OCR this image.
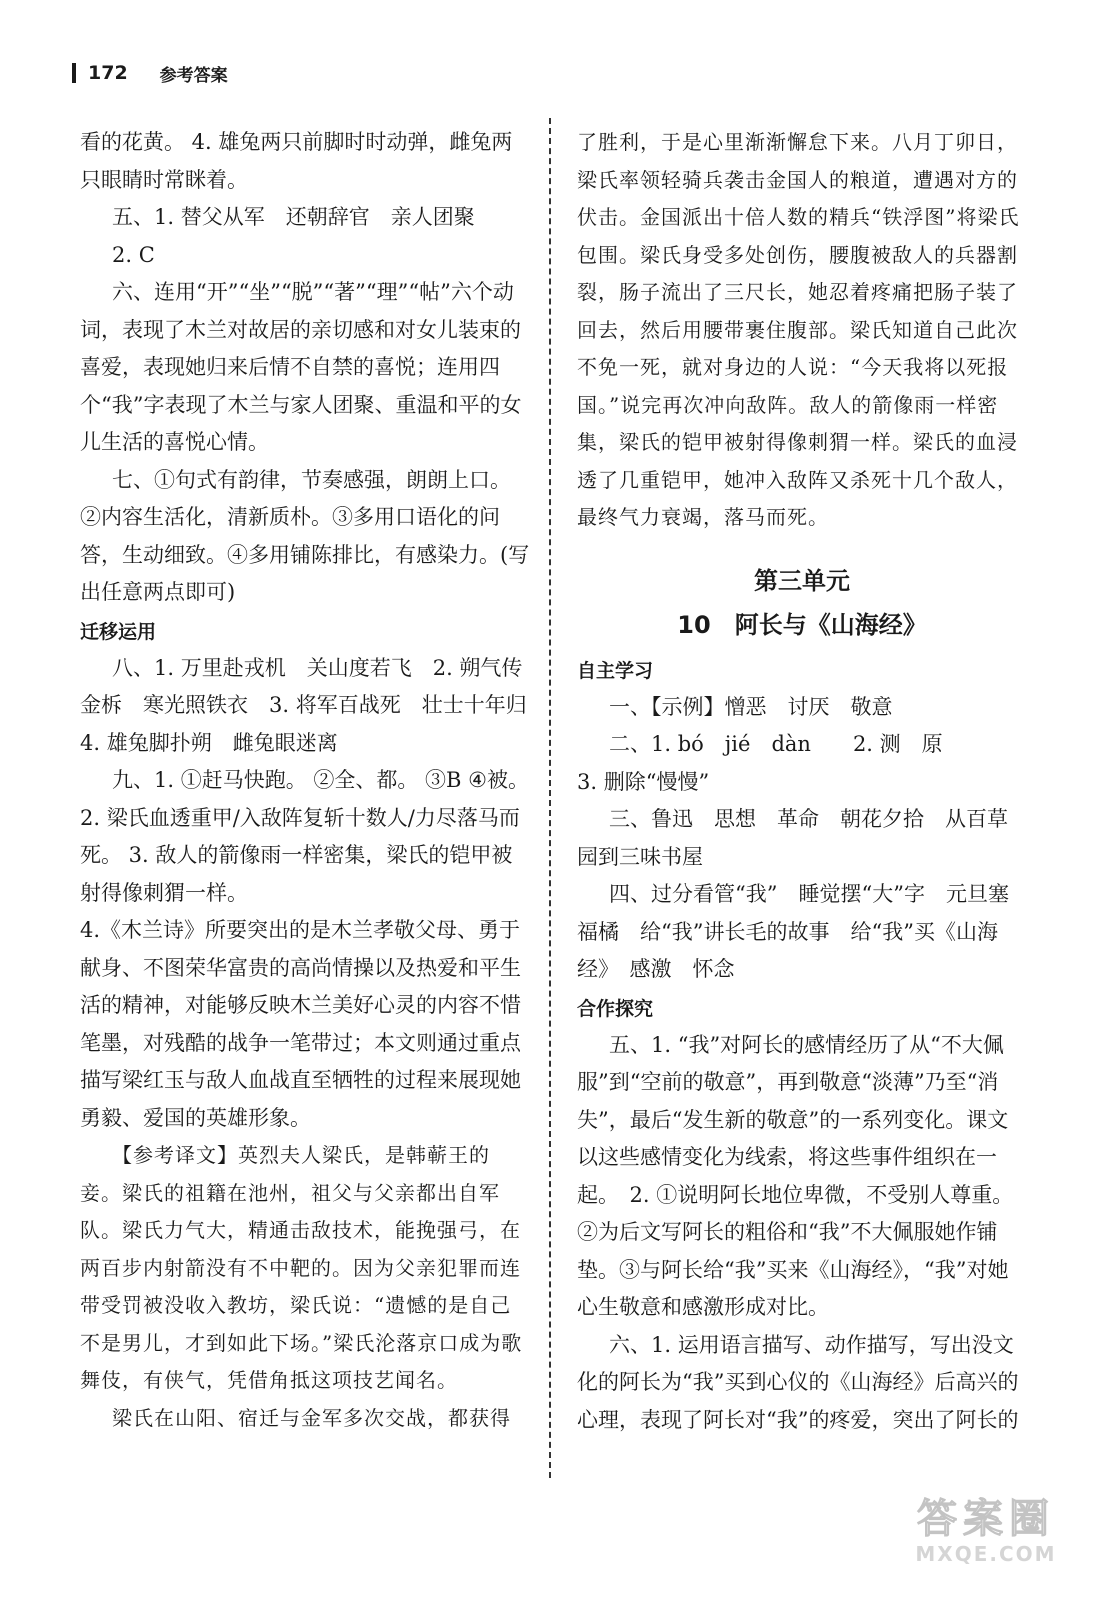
172	参考答案

看的花黄。 4. 雄兔两只前脚时时动弹，雌兔两只眼睛时常眯着。

五、1. 替父从军　还朝辞官　亲人团聚

2. C

六、连用“开”“坐”“脱”“著”“理”“帖”六个动词，表现了木兰对故居的亲切感和对女儿装束的喜爱，表现她归来后情不自禁的喜悦；连用四个“我”字表现了木兰与家人团聚、重温和平的女儿生活的喜悦心情。

七、①句式有韵律，节奏感强，朗朗上口。②内容生活化，清新质朴。③多用口语化的问答，生动细致。④多用铺陈排比，有感染力。(写出任意两点即可)

迁移运用

八、1. 万里赴戎机　关山度若飞　2. 朔气传金柝　寒光照铁衣　3. 将军百战死　壮士十年归　4. 雄兔脚扑朔　雌兔眼迷离

九、1. ①赶马快跑。 ②全、都。 ③B ④被。 2. 梁氏血透重甲/入敌阵复斩十数人/力尽落马而死。 3. 敌人的箭像雨一样密集，梁氏的铠甲被射得像刺猬一样。

4.《木兰诗》所要突出的是木兰孝敬父母、勇于献身、不图荣华富贵的高尚情操以及热爱和平生活的精神，对能够反映木兰美好心灵的内容不惜笔墨，对残酷的战争一笔带过；本文则通过重点描写梁红玉与敌人血战直至牺牲的过程来展现她勇毅、爱国的英雄形象。

【参考译文】英烈夫人梁氏，是韩蕲王的妾。梁氏的祖籍在池州，祖父与父亲都出自军队。梁氏力气大，精通击敌技术，能挽强弓，在两百步内射箭没有不中靶的。因为父亲犯罪而连带受罚被没收入教坊，梁氏说：“遗憾的是自己不是男儿，才到如此下场。”梁氏沦落京口成为歌舞伎，有侠气，凭借角抵这项技艺闻名。

梁氏在山阳、宿迁与金军多次交战，都获得

了胜利，于是心里渐渐懈怠下来。八月丁卯日，梁氏率领轻骑兵袭击金国人的粮道，遭遇对方的伏击。金国派出十倍人数的精兵“铁浮图”将梁氏包围。梁氏身受多处创伤，腰腹被敌人的兵器割裂，肠子流出了三尺长，她忍着疼痛把肠子装了回去，然后用腰带裹住腹部。梁氏知道自己此次不免一死，就对身边的人说：“今天我将以死报国。”说完再次冲向敌阵。敌人的箭像雨一样密集，梁氏的铠甲被射得像刺猬一样。梁氏的血浸透了几重铠甲，她冲入敌阵又杀死十几个敌人，最终气力衰竭，落马而死。

第三单元

10　阿长与《山海经》

自主学习

一、【示例】憎恶　讨厌　敬意

二、1. bó　jié　dàn　　2. 测　原

3. 删除“慢慢”

三、鲁迅　思想　革命　朝花夕拾　从百草园到三味书屋

四、过分看管“我”　睡觉摆“大”字　元旦塞福橘　给“我”讲长毛的故事　给“我”买《山海经》　感激　怀念

合作探究

五、1. “我”对阿长的感情经历了从“不大佩服”到“空前的敬意”，再到敬意“淡薄”乃至“消失”，最后“发生新的敬意”的一系列变化。课文以这些感情变化为线索，将这些事件组织在一起。　2. ①说明阿长地位卑微，不受别人尊重。②为后文写阿长的粗俗和“我”不大佩服她作铺垫。③与阿长给“我”买来《山海经》，“我”对她心生敬意和感激形成对比。

六、1. 运用语言描写、动作描写，写出没文化的阿长为“我”买到心仪的《山海经》后高兴的心理，表现了阿长对“我”的疼爱，突出了阿长的

答案圈
MXQE.COM
